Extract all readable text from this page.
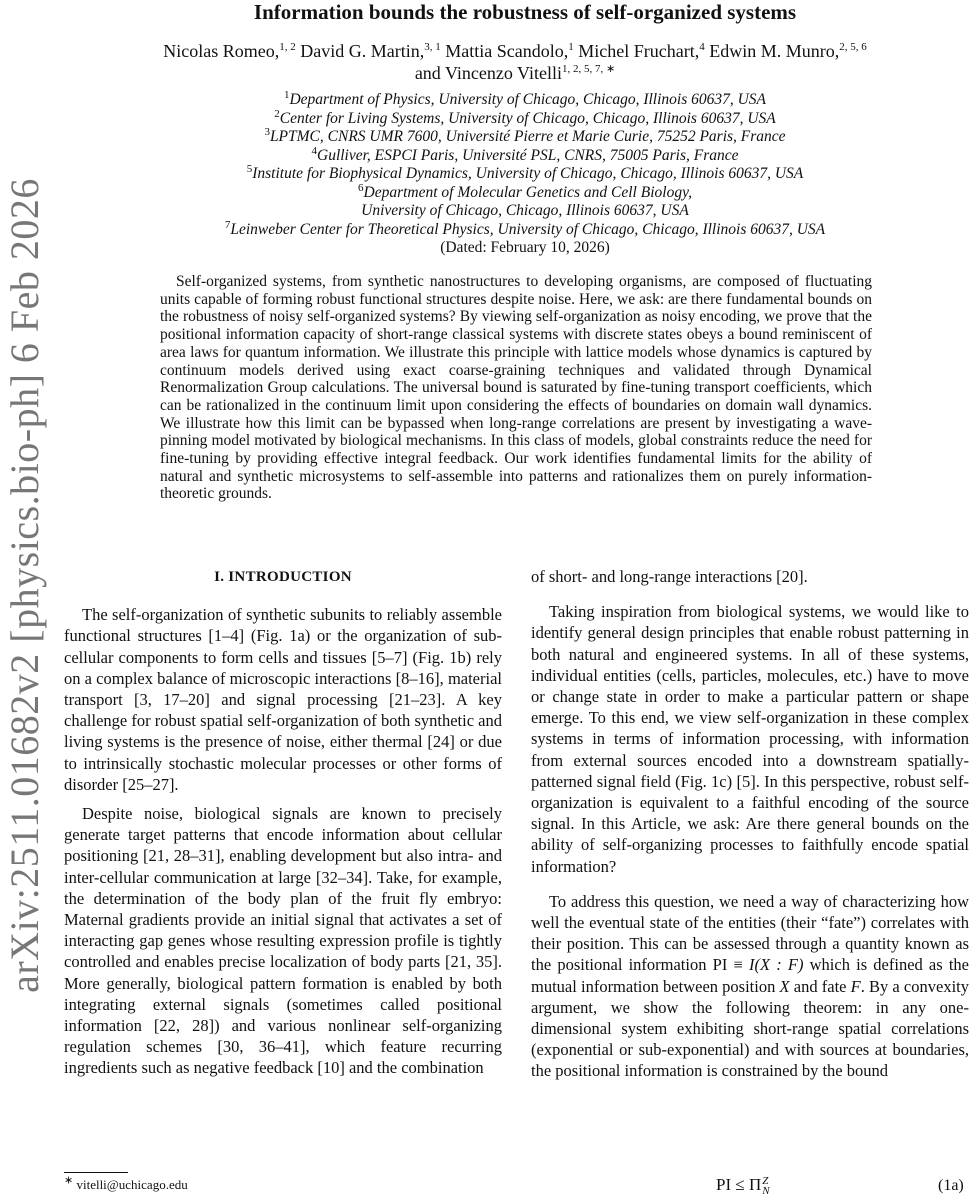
arXiv:2511.01682v2 [physics.bio-ph] 6 Feb 2026
Information bounds the robustness of self-organized systems
Nicolas Romeo,$^{1, 2}$ David G. Martin,$^{3, 1}$ Mattia Scandolo,$^1$ Michel Fruchart,$^4$ Edwin M. Munro,$^{2, 5, 6}$ and Vincenzo Vitelli$^{1, 2, 5, 7, ∗}$
$^1$Department of Physics, University of Chicago, Chicago, Illinois 60637, USA
$^2$Center for Living Systems, University of Chicago, Chicago, Illinois 60637, USA
$^3$LPTMC, CNRS UMR 7600, Université Pierre et Marie Curie, 75252 Paris, France
$^4$Gulliver, ESPCI Paris, Université PSL, CNRS, 75005 Paris, France
$^5$Institute for Biophysical Dynamics, University of Chicago, Chicago, Illinois 60637, USA
$^6$Department of Molecular Genetics and Cell Biology,
University of Chicago, Chicago, Illinois 60637, USA
$^7$Leinweber Center for Theoretical Physics, University of Chicago, Chicago, Illinois 60637, USA
(Dated: February 10, 2026)

Self-organized systems, from synthetic nanostructures to developing organisms, are composed of fluctuating units capable of forming robust functional structures despite noise. Here, we ask: are there fundamental bounds on the robustness of noisy self-organized systems? By viewing self-organization as noisy encoding, we prove that the positional information capacity of short-range classical systems with discrete states obeys a bound reminiscent of area laws for quantum information. We illustrate this principle with lattice models whose dynamics is captured by continuum models derived using exact coarse-graining techniques and validated through Dynamical Renormalization Group calculations. The universal bound is saturated by fine-tuning transport coefficients, which can be rationalized in the continuum limit upon considering the effects of boundaries on domain wall dynamics. We illustrate how this limit can be bypassed when long-range correlations are present by investigating a wave-pinning model motivated by biological mechanisms. In this class of models, global constraints reduce the need for fine-tuning by providing effective integral feedback. Our work identifies fundamental limits for the ability of natural and synthetic microsystems to self-assemble into patterns and rationalizes them on purely information-theoretic grounds.

I. INTRODUCTION

The self-organization of synthetic subunits to reliably assemble functional structures [1–4] (Fig. 1a) or the organization of sub-cellular components to form cells and tissues [5–7] (Fig. 1b) rely on a complex balance of microscopic interactions [8–16], material transport [3, 17–20] and signal processing [21–23]. A key challenge for robust spatial self-organization of both synthetic and living systems is the presence of noise, either thermal [24] or due to intrinsically stochastic molecular processes or other forms of disorder [25–27].

Despite noise, biological signals are known to precisely generate target patterns that encode information about cellular positioning [21, 28–31], enabling development but also intra- and inter-cellular communication at large [32–34]. Take, for example, the determination of the body plan of the fruit fly embryo: Maternal gradients provide an initial signal that activates a set of interacting gap genes whose resulting expression profile is tightly controlled and enables precise localization of body parts [21, 35]. More generally, biological pattern formation is enabled by both integrating external signals (sometimes called positional information [22, 28]) and various nonlinear self-organizing regulation schemes [30, 36–41], which feature recurring ingredients such as negative feedback [10] and the combination

of short- and long-range interactions [20].

Taking inspiration from biological systems, we would like to identify general design principles that enable robust patterning in both natural and engineered systems. In all of these systems, individual entities (cells, particles, molecules, etc.) have to move or change state in order to make a particular pattern or shape emerge. To this end, we view self-organization in these complex systems in terms of information processing, with information from external sources encoded into a downstream spatially-patterned signal field (Fig. 1c) [5]. In this perspective, robust self-organization is equivalent to a faithful encoding of the source signal. In this Article, we ask: Are there general bounds on the ability of self-organizing processes to faithfully encode spatial information?

To address this question, we need a way of characterizing how well the eventual state of the entities (their “fate”) correlates with their position. This can be assessed through a quantity known as the positional information PI ≡ I(X : F) which is defined as the mutual information between position X and fate F. By a convexity argument, we show the following theorem: in any one-dimensional system exhibiting short-range spatial correlations (exponential or sub-exponential) and with sources at boundaries, the positional information is constrained by the bound

∗ vitelli@uchicago.edu	PI ≤ Π Z
N	(1a)
